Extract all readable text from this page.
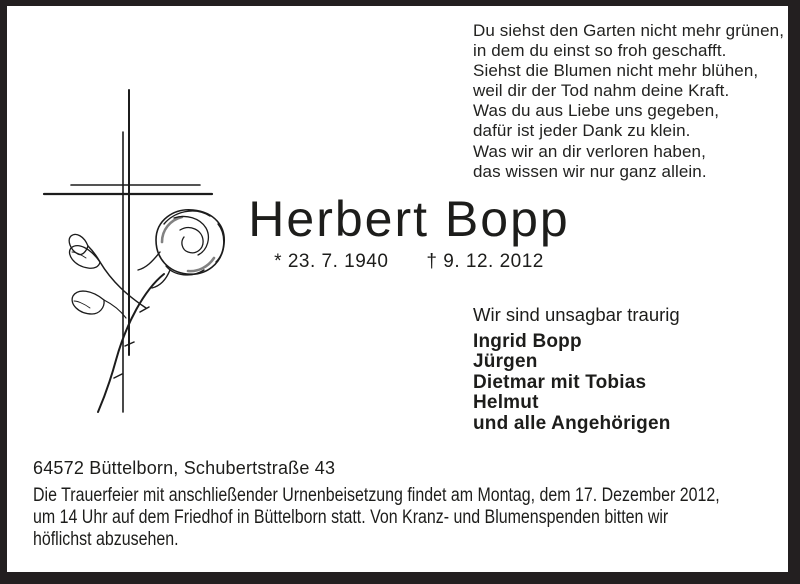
Du siehst den Garten nicht mehr grünen,
in dem du einst so froh geschafft.
Siehst die Blumen nicht mehr blühen,
weil dir der Tod nahm deine Kraft.
Was du aus Liebe uns gegeben,
dafür ist jeder Dank zu klein.
Was wir an dir verloren haben,
das wissen wir nur ganz allein.
Herbert Bopp
* 23. 7. 1940 † 9. 12. 2012
Wir sind unsagbar traurig
Ingrid Bopp
Jürgen
Dietmar mit Tobias
Helmut
und alle Angehörigen
64572 Büttelborn, Schubertstraße 43
Die Trauerfeier mit anschließender Urnenbeisetzung findet am Montag, dem 17. Dezember 2012,
um 14 Uhr auf dem Friedhof in Büttelborn statt. Von Kranz- und Blumenspenden bitten wir
höflichst abzusehen.
